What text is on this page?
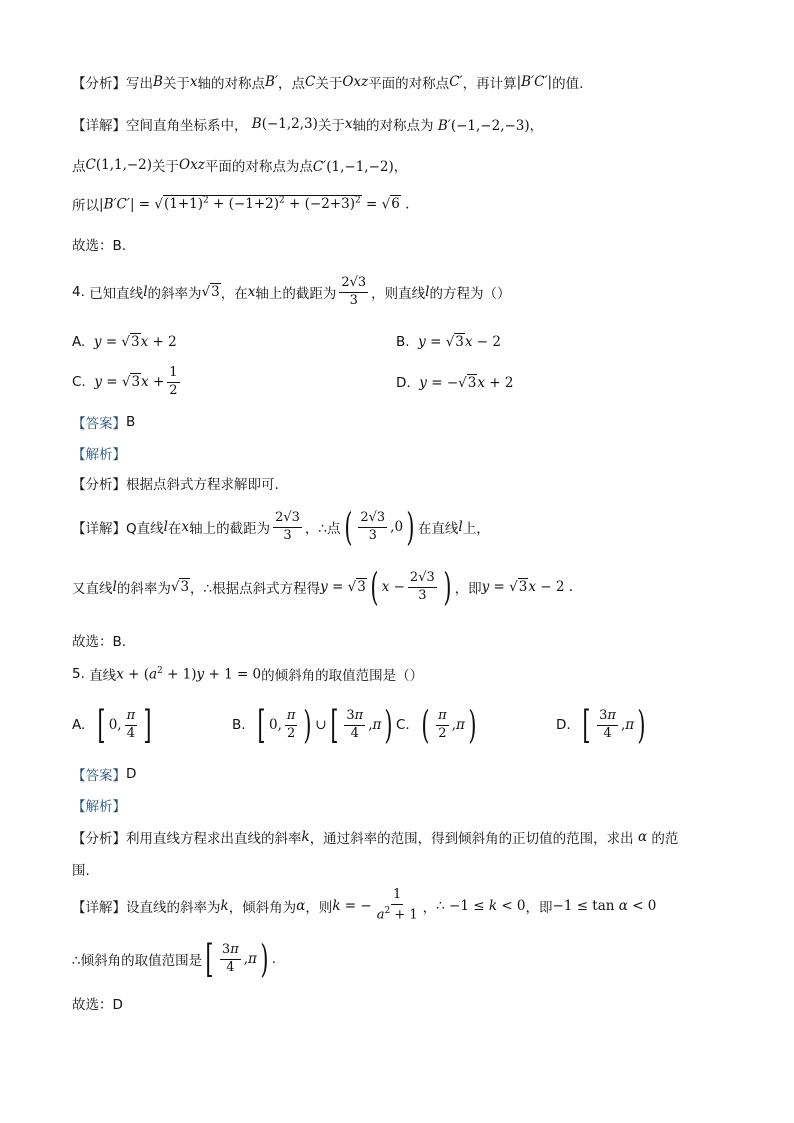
【分析】 写出 B 关于 x 轴的对称点 B′ ，点 C 关于 Oxz 平面的对称点 C′ ，再计算 |B′C′| 的值.
【详解】 空间直角坐标系中， B(−1,2,3) 关于 x 轴的对称点为 B′(−1,−2,−3)，
点 C(1,1,−2) 关于 Oxz 平面的对称点为点 C′(1,−1,−2)，
所以 $|B'C'| = √(1+1)^2 + (-1+2)^2 + (-2+3)^2 = √6$ .
故选：B.
4.
已知直线 l 的斜率为 √3 ，在 x 轴上的截距为 $\frac{2√3}{3}$ ，则直线 l 的方程为（）
A.
y = √3x + 2	B.
y = √3x − 2
C.
$y = √3x + \frac{1}{2}$	D.
y = −√3x + 2
【答案】 B
【解析】
【分析】 根据点斜式方程求解即可.
【详解】 Q直线 l 在 x 轴上的截距为 $\frac{2√3}{3}$ ，∴点 ( $\frac{2√3}{3} ,0$ ) 在直线 l 上，
又直线 l 的斜率为 √3 ，∴根据点斜式方程得 y = √3 ( $x - \frac{2√3}{3}$ ) ，即 y = √3x − 2 .
故选：B.
5.
直线 $x + (a^2 + 1)y + 1 = 0$ 的倾斜角的取值范围是（）
A.
[ 0, $\frac{\pi}{4}$ ]	B.
[ 0, $\frac{\pi}{2}$ ) ∪ [ $\frac{3\pi}{4} ,\pi$ ) C.
( $\frac{\pi}{2} ,\pi$ )	D.
[ $\frac{3\pi}{4} ,\pi$ )
【答案】 D
【解析】
【分析】 利用直线方程求出直线的斜率 k ，通过斜率的范围，得到倾斜角的正切值的范围，求出 α 的范
围.
【详解】 设直线的斜率为 k ，倾斜角为 α ，则 k = − $\frac{1}{a^2 + 1}$ ， ∴ −1 ≤ k < 0 ，即 −1 ≤ tan α < 0
∴倾斜角的取值范围是 [ $\frac{3\pi}{4} ,\pi$ ) .
故选：D
